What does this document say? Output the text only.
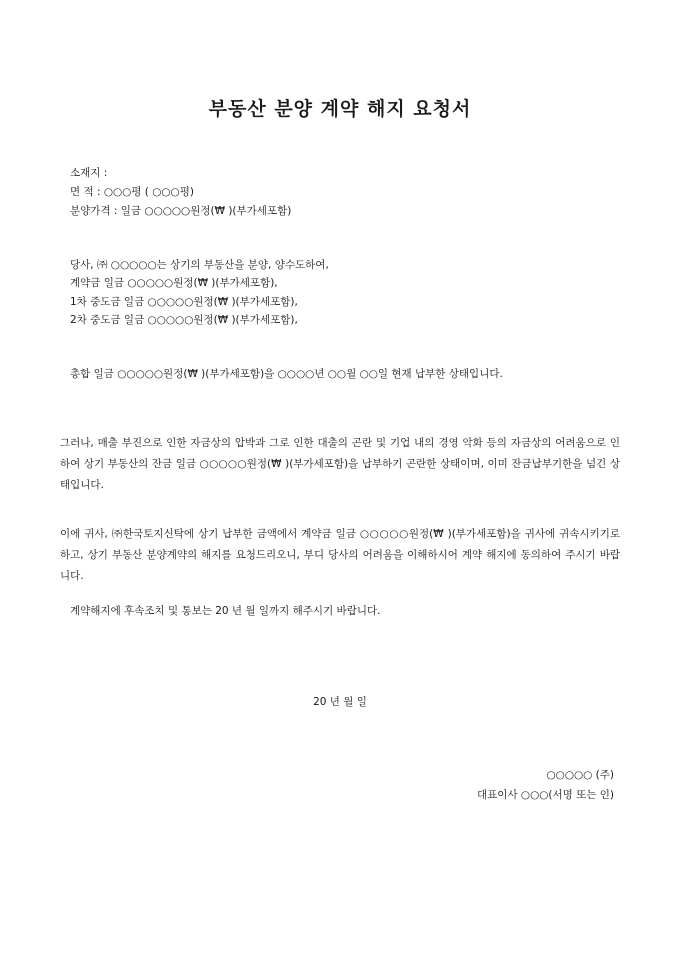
부동산 분양 계약 해지 요청서
소재지 :
면 적 : ○○○평 ( ○○○평)
분양가격 : 일금 ○○○○○원정(₩ )(부가세포함)
당사, ㈜ ○○○○○는 상기의 부동산을 분양, 양수도하여,
계약금 일금 ○○○○○원정(₩ )(부가세포함),
1차 중도금 일금 ○○○○○원정(₩ )(부가세포함),
2차 중도금 일금 ○○○○○원정(₩ )(부가세포함),
총합 일금 ○○○○○원정(₩ )(부가세포함)을 ○○○○년 ○○월 ○○일 현재 납부한 상태입니다.
그러나, 매출 부진으로 인한 자금상의 압박과 그로 인한 대출의 곤란 및 기업 내의 경영 악화 등의 자금상의 어려움으로 인하여 상기 부동산의 잔금 일금 ○○○○○원정(₩ )(부가세포함)을 납부하기 곤란한 상태이며, 이미 잔금납부기한을 넘긴 상태입니다.
이에 귀사, ㈜한국토지신탁에 상기 납부한 금액에서 계약금 일금 ○○○○○원정(₩ )(부가세포함)을 귀사에 귀속시키기로 하고, 상기 부동산 분양계약의 해지를 요청드리오니, 부디 당사의 어려움을 이해하시어 계약 해지에 동의하여 주시기 바랍니다.
계약해지에 후속조치 및 통보는 20 년 월 일까지 해주시기 바랍니다.
20 년 월 일
○○○○○ (주)
대표이사 ○○○(서명 또는 인)
